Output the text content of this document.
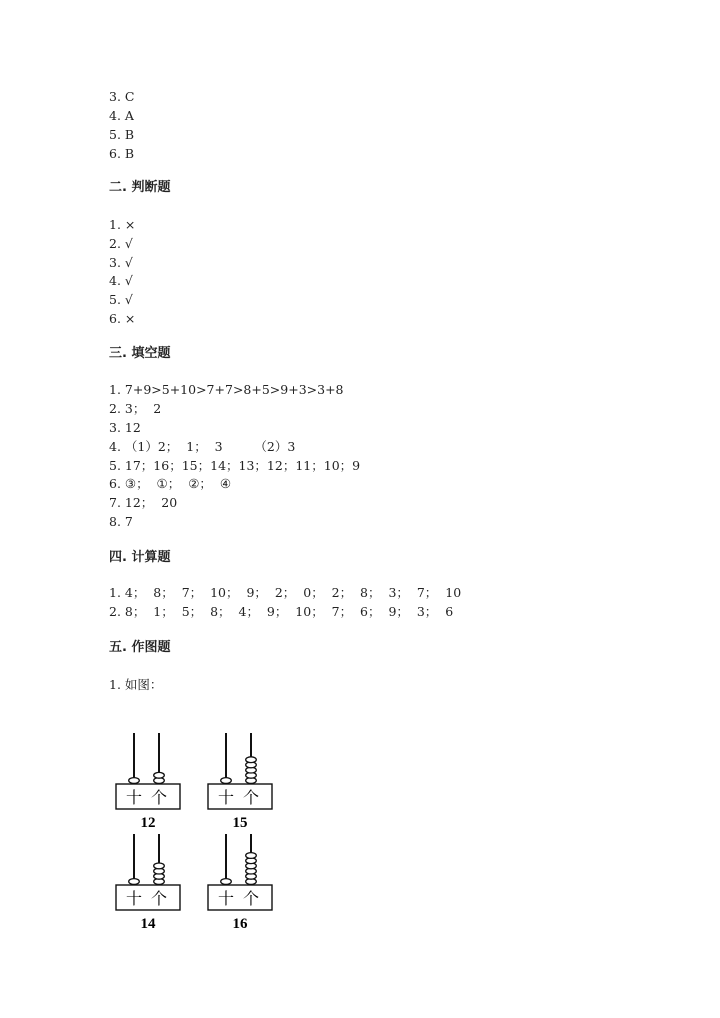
3. C
4. A
5. B
6. B
二. 判断题
1. ×
2. √
3. √
4. √
5. √
6. ×
三. 填空题
1. 7+9>5+10>7+7>8+5>9+3>3+8
2. 3；  2
3. 12
4. （1）2；  1；  3        （2）3
5. 17；16；15；14；13；12；11；10；9
6. ③；  ①；  ②；  ④
7. 12；  20
8. 7
四. 计算题
1. 4；  8；  7；  10；  9；  2；  0；  2；  8；  3；  7；  10
2. 8；  1；  5；  8；  4；  9；  10；  7；  6；  9；  3；  6
五. 作图题
1. 如图：
十 个
12
十 个
15
十 个
14
十 个
16
